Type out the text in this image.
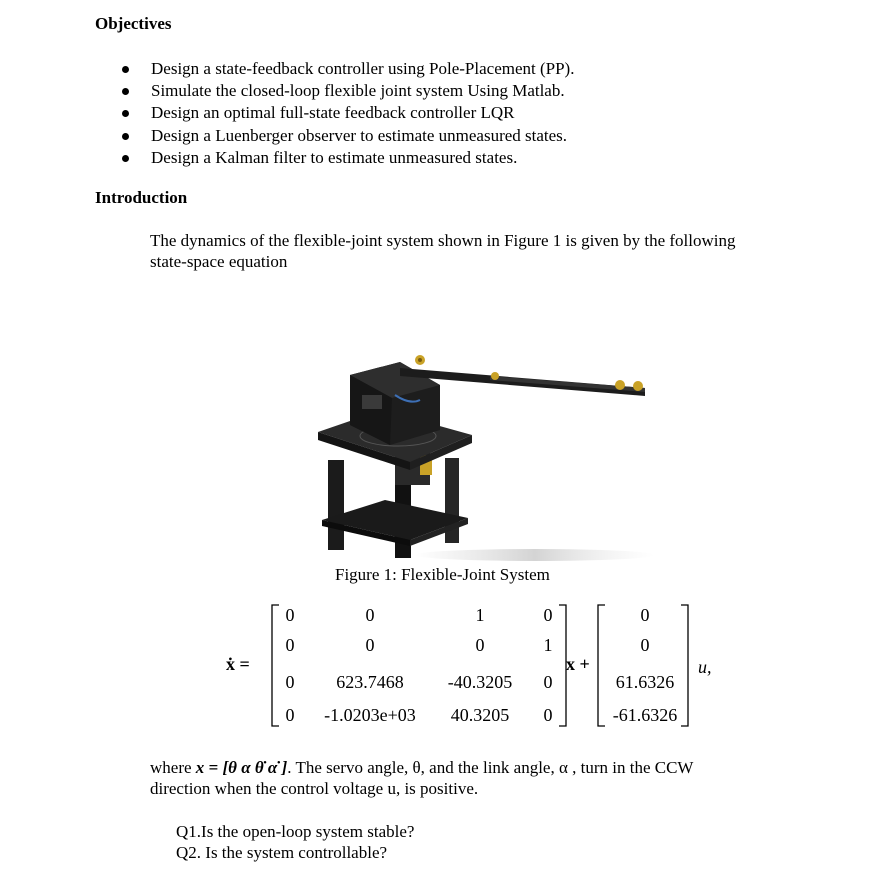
Objectives
Design a state-feedback controller using Pole-Placement (PP).
Simulate the closed-loop flexible joint system Using Matlab.
Design an optimal full-state feedback controller LQR
Design a Luenberger observer to estimate unmeasured states.
Design a Kalman filter to estimate unmeasured states.
Introduction
The dynamics of the flexible-joint system shown in Figure 1 is given by the following
state-space equation
Figure 1: Flexible-Joint System
ẋ =
0	0	1	0
0	0	0	1
0	623.7468	-40.3205	0
0	-1.0203e+03	40.3205	0
x +
0
0
61.6326
-61.6326
u,
where x = [θ α θ̇ α̇ ]. The servo angle, θ, and the link angle, α , turn in the CCW
direction when the control voltage u, is positive.
Q1.Is the open-loop system stable?
Q2. Is the system controllable?
